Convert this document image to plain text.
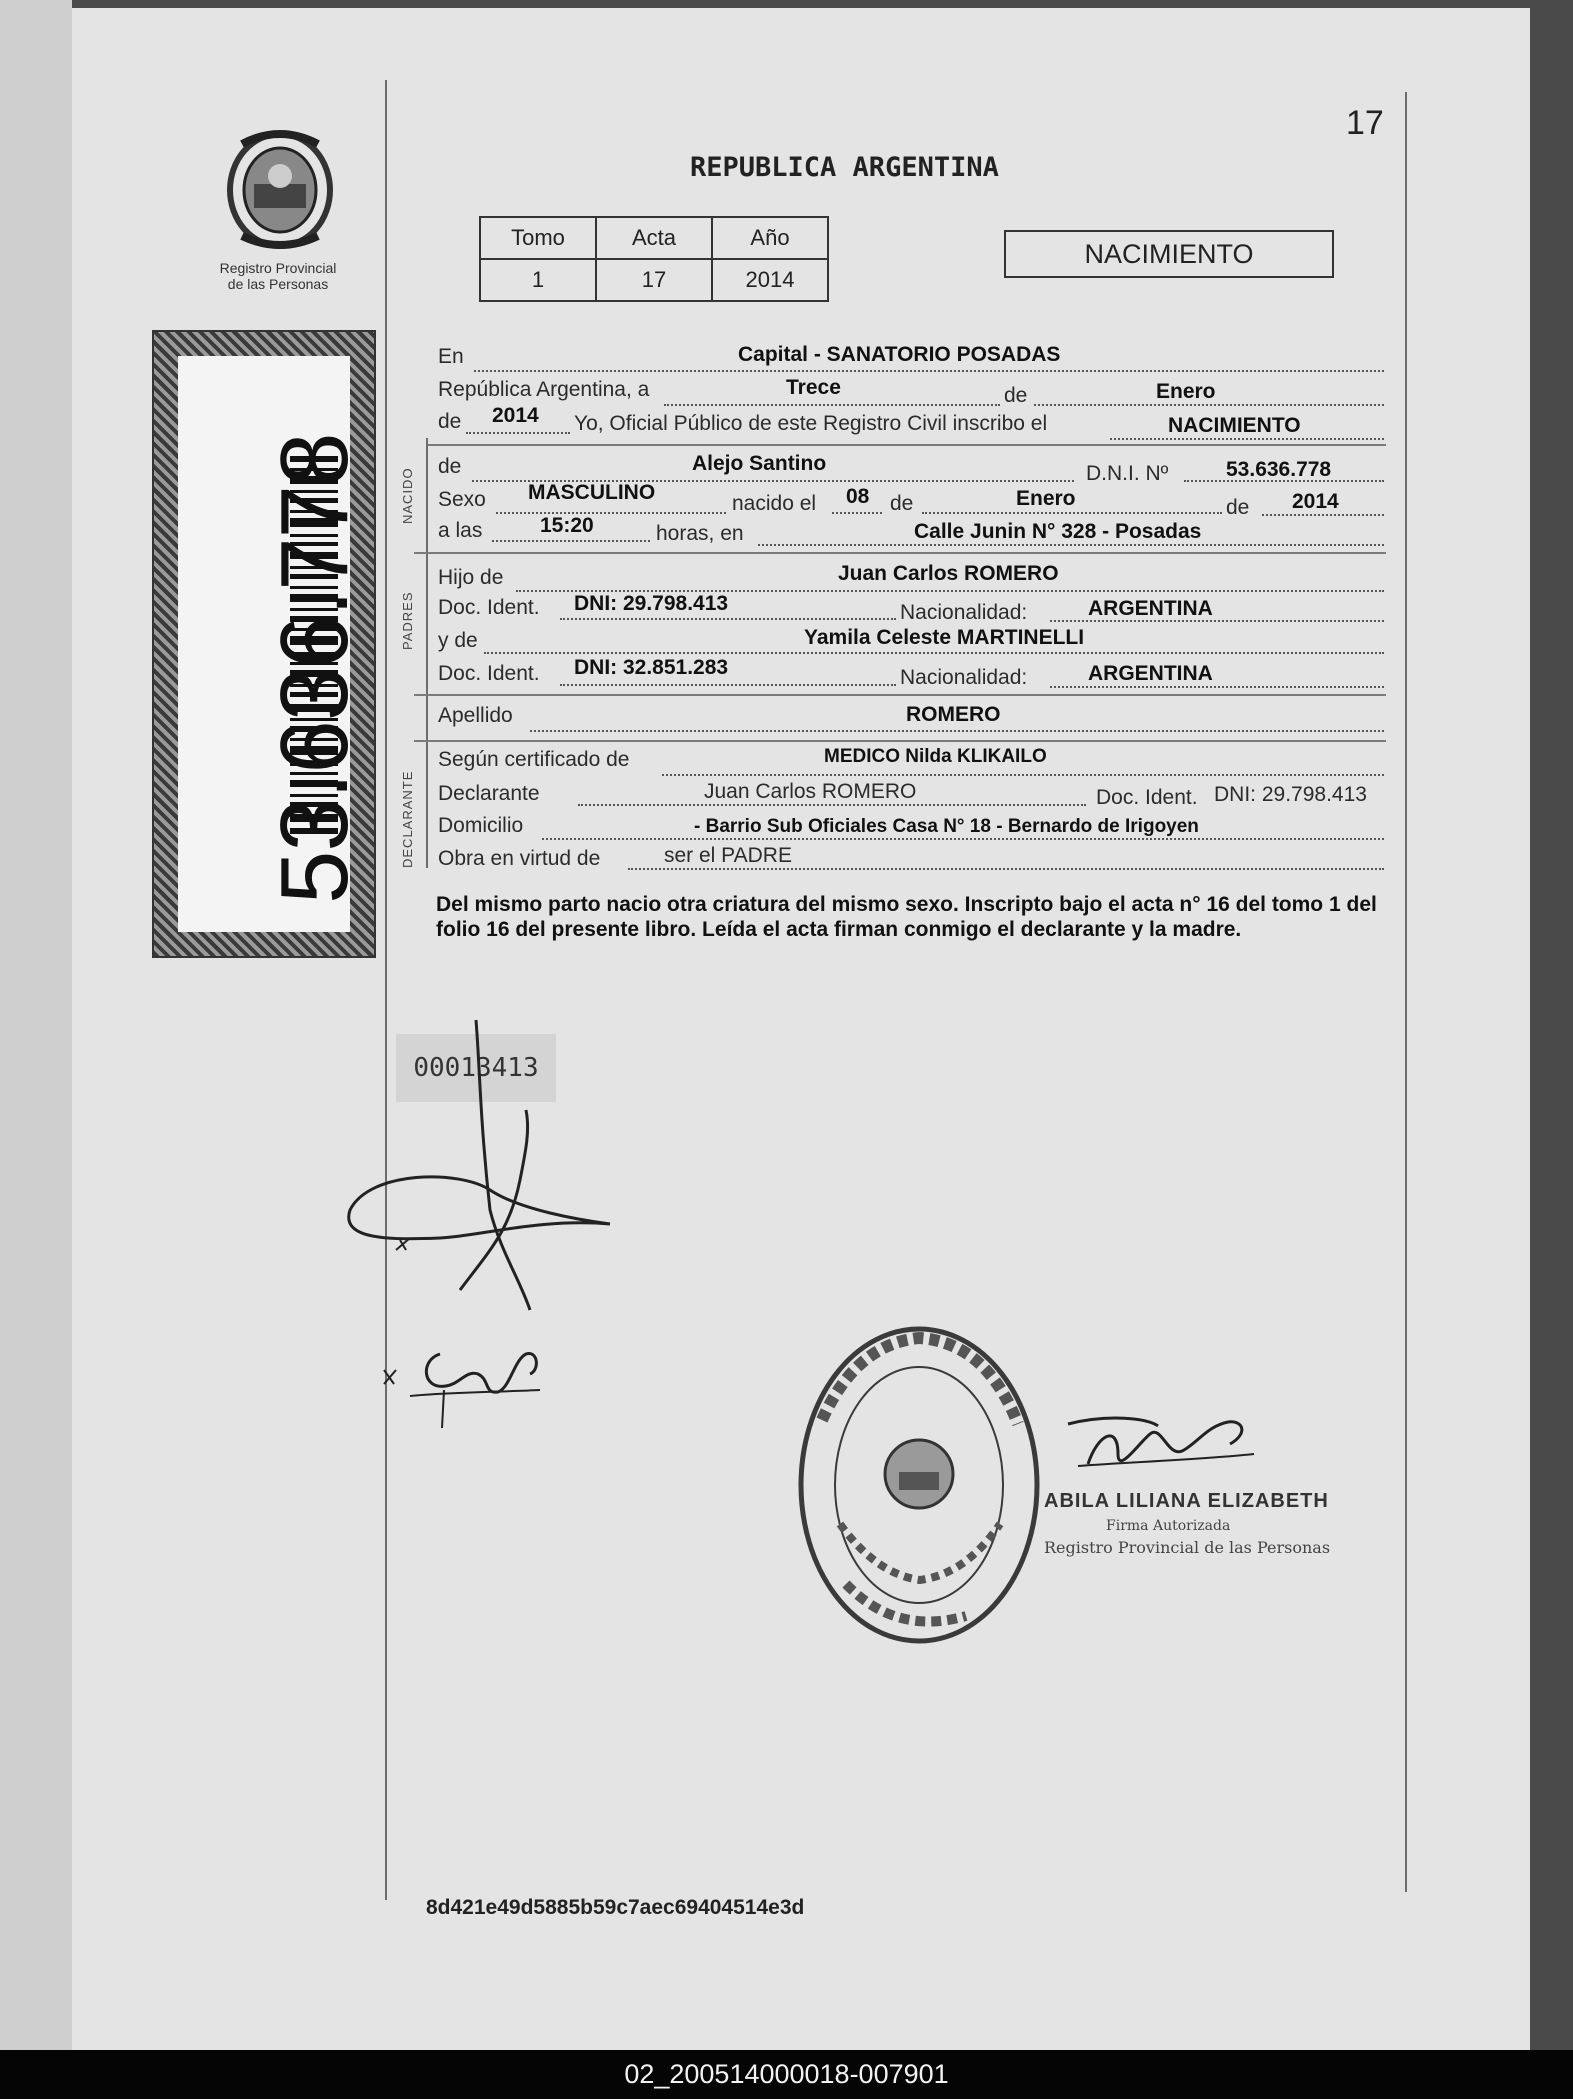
17
REPUBLICA ARGENTINA
Registro Provincial
de las Personas
53.636.778
Tomo	Acta	Año
1	17	2014
NACIMIENTO
En	Capital - SANATORIO POSADAS
República Argentina, a	Trece	de	Enero
de 2014 Yo, Oficial Público de este Registro Civil inscribo el	NACIMIENTO
NACIDO
de	Alejo Santino	D.N.I. Nº	53.636.778
Sexo MASCULINO	nacido el 08 de	Enero	de 2014
a las	15:20	horas, en	Calle Junin N° 328 - Posadas
PADRES
Hijo de	Juan Carlos ROMERO
Doc. Ident. DNI: 29.798.413	Nacionalidad:	ARGENTINA
y de	Yamila Celeste MARTINELLI
Doc. Ident. DNI: 32.851.283	Nacionalidad:	ARGENTINA
Apellido	ROMERO
DECLARANTE
Según certificado de	MEDICO Nilda KLIKAILO
Declarante	Juan Carlos ROMERO	Doc. Ident. DNI: 29.798.413
Domicilio	- Barrio Sub Oficiales Casa N° 18 - Bernardo de Irigoyen
Obra en virtud de	ser el PADRE
Del mismo parto nacio otra criatura del mismo sexo. Inscripto bajo el acta n° 16 del tomo 1 del folio 16 del presente libro. Leída el acta firman conmigo el declarante y la madre.
00013413
ABILA LILIANA ELIZABETH
Firma Autorizada
Registro Provincial de las Personas
8d421e49d5885b59c7aec69404514e3d
02_200514000018-007901
